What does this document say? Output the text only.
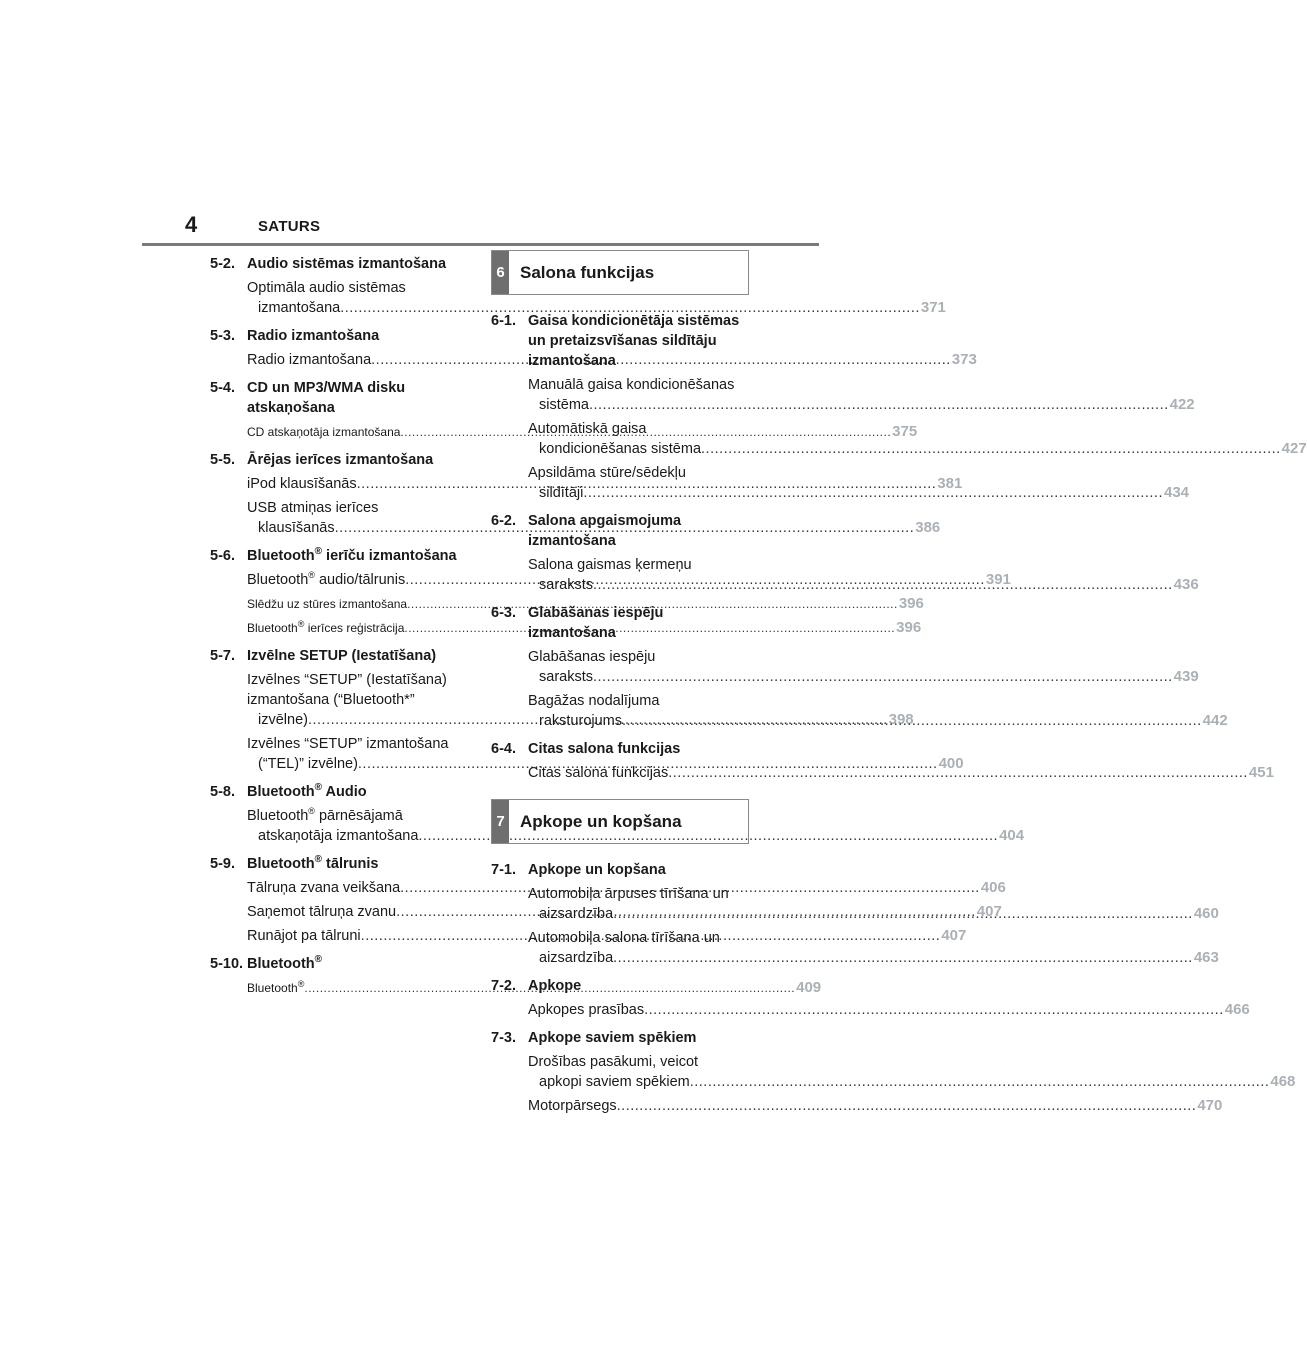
4	SATURS
5-2. Audio sistēmas izmantošana
Optimāla audio sistēmas
izmantošana .....	371
5-3. Radio izmantošana
Radio izmantošana .....	373
5-4. CD un MP3/WMA disku atskaņošana
CD atskaņotāja izmantošana .....	375
5-5. Ārējas ierīces izmantošana
iPod klausīšanās .....	381
USB atmiņas ierīces
klausīšanās .....	386
5-6. Bluetooth® ierīču izmantošana
Bluetooth® audio/tālrunis .....	391
Slēdžu uz stūres izmantošana .....	396
Bluetooth® ierīces reģistrācija .....	396
5-7. Izvēlne SETUP (Iestatīšana)
Izvēlnes “SETUP” (Iestatīšana)
izmantošana (“Bluetooth*”
izvēlne) .....	398
Izvēlnes “SETUP” izmantošana
(“TEL)” izvēlne) .....	400
5-8. Bluetooth® Audio
Bluetooth® pārnēsājamā
atskaņotāja izmantošana .....	404
5-9. Bluetooth® tālrunis
Tālruņa zvana veikšana .....	406
Saņemot tālruņa zvanu .....	407
Runājot pa tālruni .....	407
5-10. Bluetooth®
Bluetooth® .....	409
6 Salona funkcijas
6-1. Gaisa kondicionētāja sistēmas un pretaizsvīšanas sildītāju izmantošana
Manuālā gaisa kondicionēšanas
sistēma .....	422
Automātiskā gaisa
kondicionēšanas sistēma .....	427
Apsildāma stūre/sēdekļu
sildītāji .....	434
6-2. Salona apgaismojuma izmantošana
Salona gaismas ķermeņu
saraksts .....	436
6-3. Glabāšanas iespēju izmantošana
Glabāšanas iespēju
saraksts .....	439
Bagāžas nodalījuma
raksturojums .....	442
6-4. Citas salona funkcijas
Citas salona funkcijas .....	451
7 Apkope un kopšana
7-1. Apkope un kopšana
Automobiļa ārpuses tīrīšana un
aizsardzība .....	460
Automobiļa salona tīrīšana un
aizsardzība .....	463
7-2. Apkope
Apkopes prasības .....	466
7-3. Apkope saviem spēkiem
Drošības pasākumi, veicot
apkopi saviem spēkiem .....	468
Motorpārsegs .....	470
